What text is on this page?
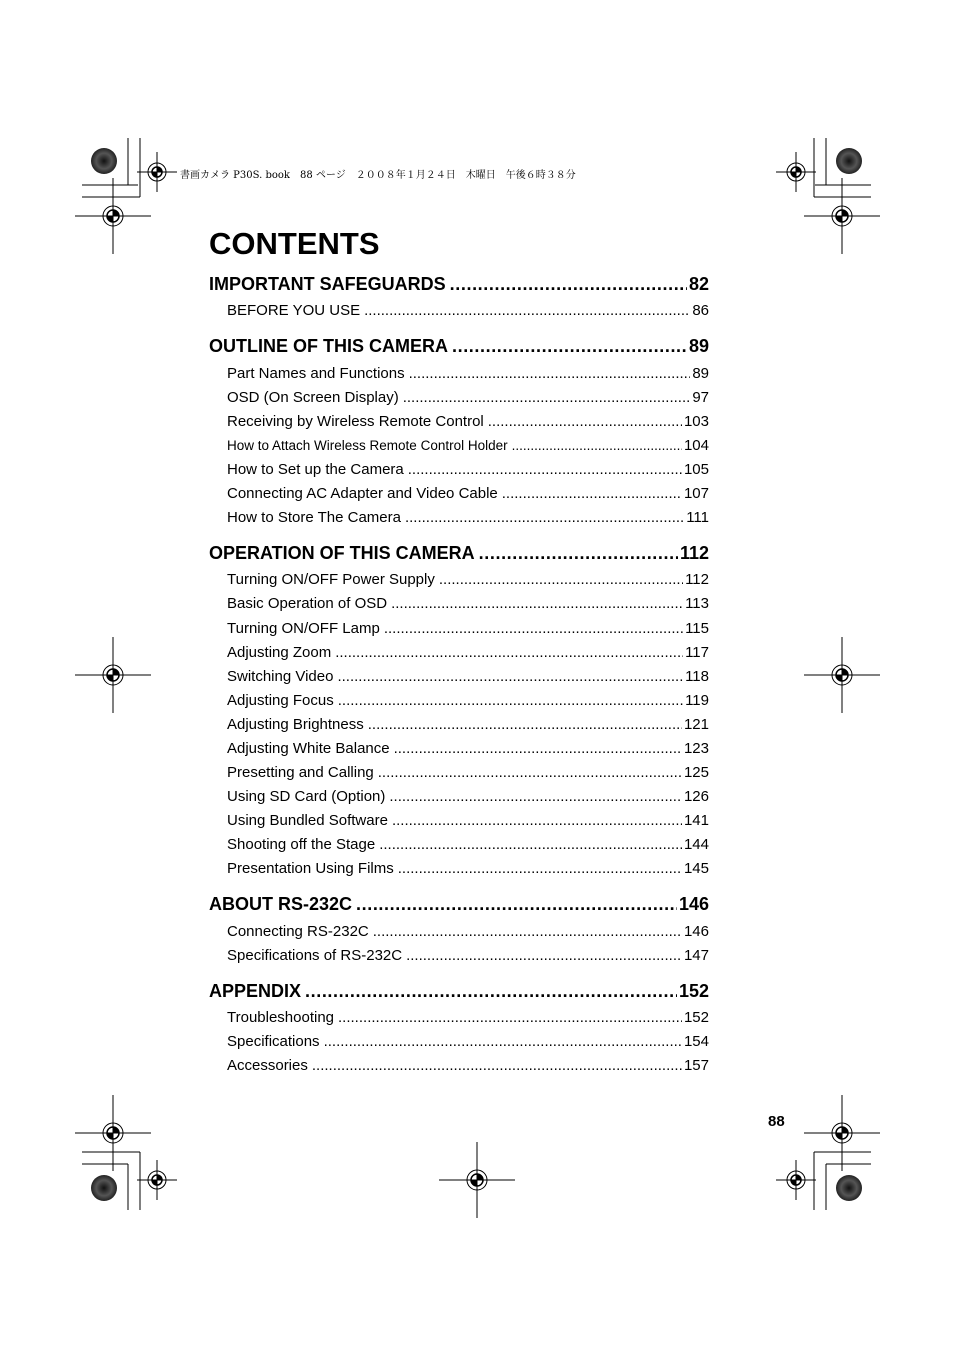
書画カメラ P30S. book　88 ページ　２００８年１月２４日　木曜日　午後６時３８分
CONTENTS
IMPORTANT SAFEGUARDS .....	82
BEFORE YOU USE .....	86
OUTLINE OF THIS CAMERA .....	89
Part Names and Functions .....	89
OSD (On Screen Display) .....	97
Receiving by Wireless Remote Control .....	103
How to Attach Wireless Remote Control Holder .....	104
How to Set up the Camera .....	105
Connecting AC Adapter and Video Cable .....	107
How to Store The Camera .....	111
OPERATION OF THIS CAMERA .....	112
Turning ON/OFF Power Supply .....	112
Basic Operation of OSD .....	113
Turning ON/OFF Lamp .....	115
Adjusting Zoom .....	117
Switching Video .....	118
Adjusting Focus .....	119
Adjusting Brightness .....	121
Adjusting White Balance .....	123
Presetting and Calling .....	125
Using SD Card (Option) .....	126
Using Bundled Software .....	141
Shooting off the Stage .....	144
Presentation Using Films .....	145
ABOUT RS-232C .....	146
Connecting RS-232C .....	146
Specifications of RS-232C .....	147
APPENDIX .....	152
Troubleshooting .....	152
Specifications .....	154
Accessories .....	157
88
